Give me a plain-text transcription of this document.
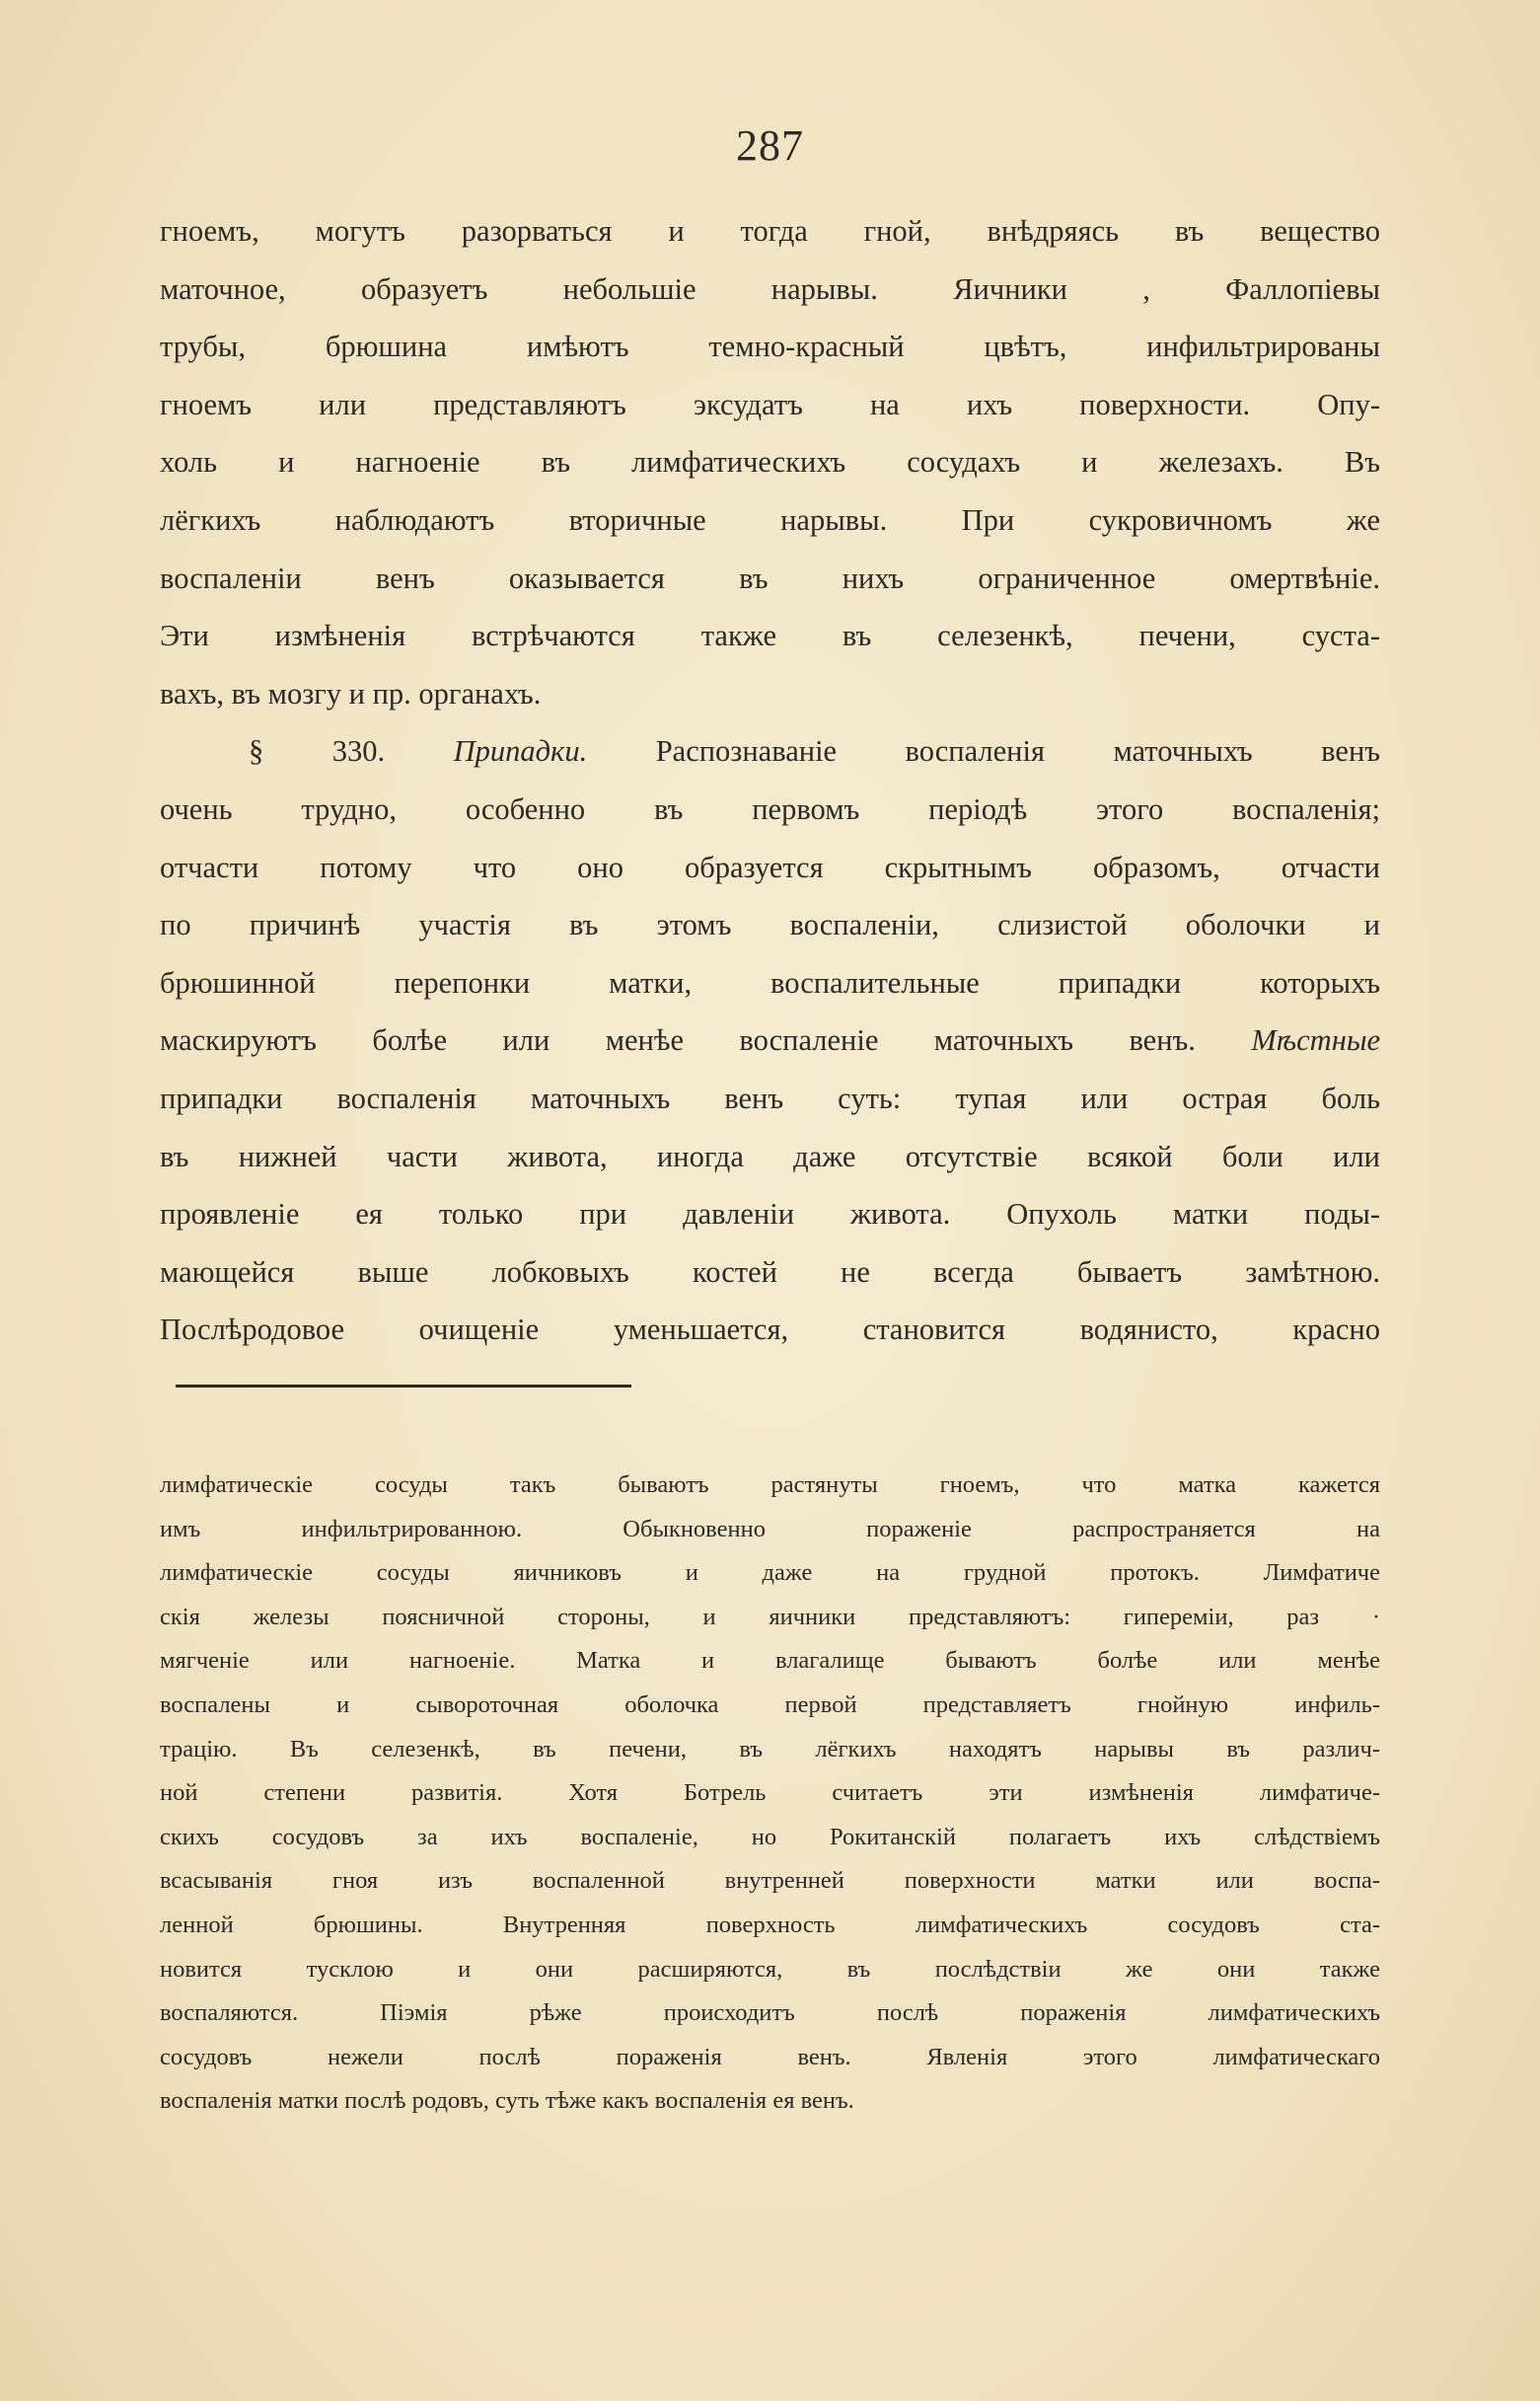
287
гноемъ, могутъ разорваться и тогда гной, внѣдряясь въ вещество
маточное, образуетъ небольшіе нарывы. Яичники , Фаллопіевы
трубы, брюшина имѣютъ темно-красный цвѣтъ, инфильтрированы
гноемъ или представляютъ эксудатъ на ихъ поверхности. Опу-
холь и нагноеніе въ лимфатическихъ сосудахъ и железахъ. Въ
лёгкихъ наблюдаютъ вторичные нарывы. При сукровичномъ же
воспаленіи венъ оказывается въ нихъ ограниченное омертвѣніе.
Эти измѣненія встрѣчаются также въ селезенкѣ, печени, суста-
вахъ, въ мозгу и пр. органахъ.
§ 330. Припадки. Распознаваніе воспаленія маточныхъ венъ
очень трудно, особенно въ первомъ періодѣ этого воспаленія;
отчасти потому что оно образуется скрытнымъ образомъ, отчасти
по причинѣ участія въ этомъ воспаленіи, слизистой оболочки и
брюшинной перепонки матки, воспалительные припадки которыхъ
маскируютъ болѣе или менѣе воспаленіе маточныхъ венъ. Мѣстные
припадки воспаленія маточныхъ венъ суть: тупая или острая боль
въ нижней части живота, иногда даже отсутствіе всякой боли или
проявленіе ея только при давленіи живота. Опухоль матки поды-
мающейся выше лобковыхъ костей не всегда бываетъ замѣтною.
Послѣродовое очищеніе уменьшается, становится водянисто, красно
лимфатическіе сосуды такъ бываютъ растянуты гноемъ, что матка кажется
имъ инфильтрированною. Обыкновенно пораженіе распространяется на
лимфатическіе сосуды яичниковъ и даже на грудной протокъ. Лимфатиче
скія железы поясничной стороны, и яичники представляютъ: гипереміи, раз ·
мягченіе или нагноеніе. Матка и влагалище бываютъ болѣе или менѣе
воспалены и сывороточная оболочка первой представляетъ гнойную инфиль-
трацію. Въ селезенкѣ, въ печени, въ лёгкихъ находятъ нарывы въ различ-
ной степени развитія. Хотя Ботрель считаетъ эти измѣненія лимфатиче-
скихъ сосудовъ за ихъ воспаленіе, но Рокитанскій полагаетъ ихъ слѣдствіемъ
всасыванія гноя изъ воспаленной внутренней поверхности матки или воспа-
ленной брюшины. Внутренняя поверхность лимфатическихъ сосудовъ ста-
новится тусклою и они расширяются, въ послѣдствіи же они также
воспаляются. Піэмія рѣже происходитъ послѣ пораженія лимфатическихъ
сосудовъ нежели послѣ пораженія венъ. Явленія этого лимфатическаго
воспаленія матки послѣ родовъ, суть тѣже какъ воспаленія ея венъ.
